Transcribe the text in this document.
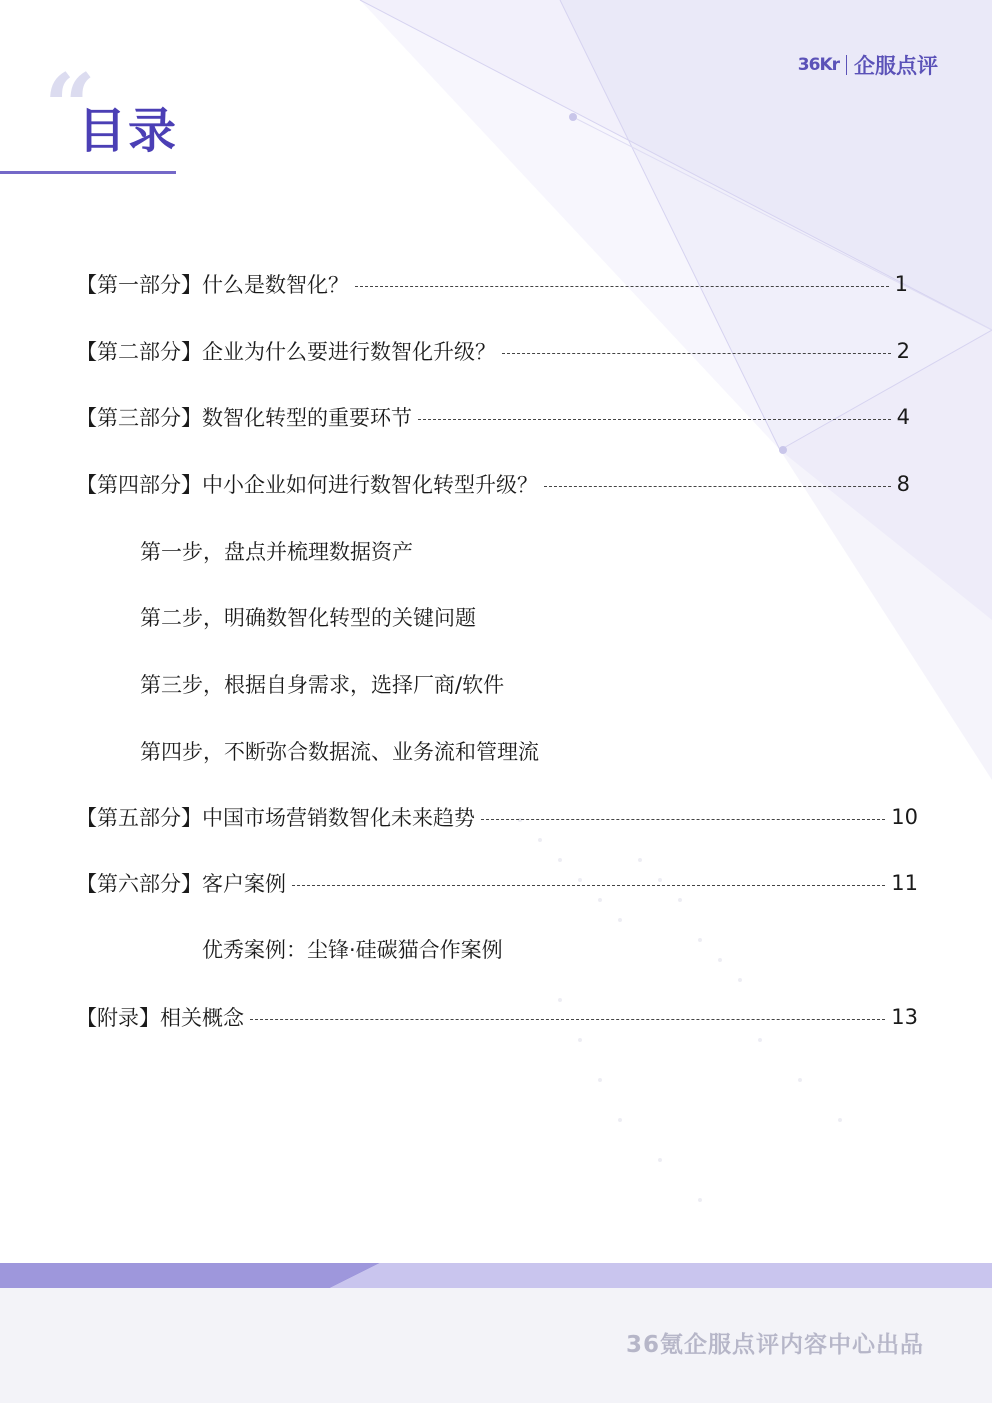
36Kr 企服点评
“
目录
【第一部分】什么是数智化？	1
【第二部分】企业为什么要进行数智化升级？	2
【第三部分】数智化转型的重要环节	4
【第四部分】中小企业如何进行数智化转型升级？	8
第一步，盘点并梳理数据资产
第二步，明确数智化转型的关键问题
第三步，根据自身需求，选择厂商/软件
第四步，不断弥合数据流、业务流和管理流
【第五部分】中国市场营销数智化未来趋势	10
【第六部分】客户案例	11
优秀案例：尘锋·硅碳猫合作案例
【附录】相关概念	13
36氪企服点评内容中心出品
